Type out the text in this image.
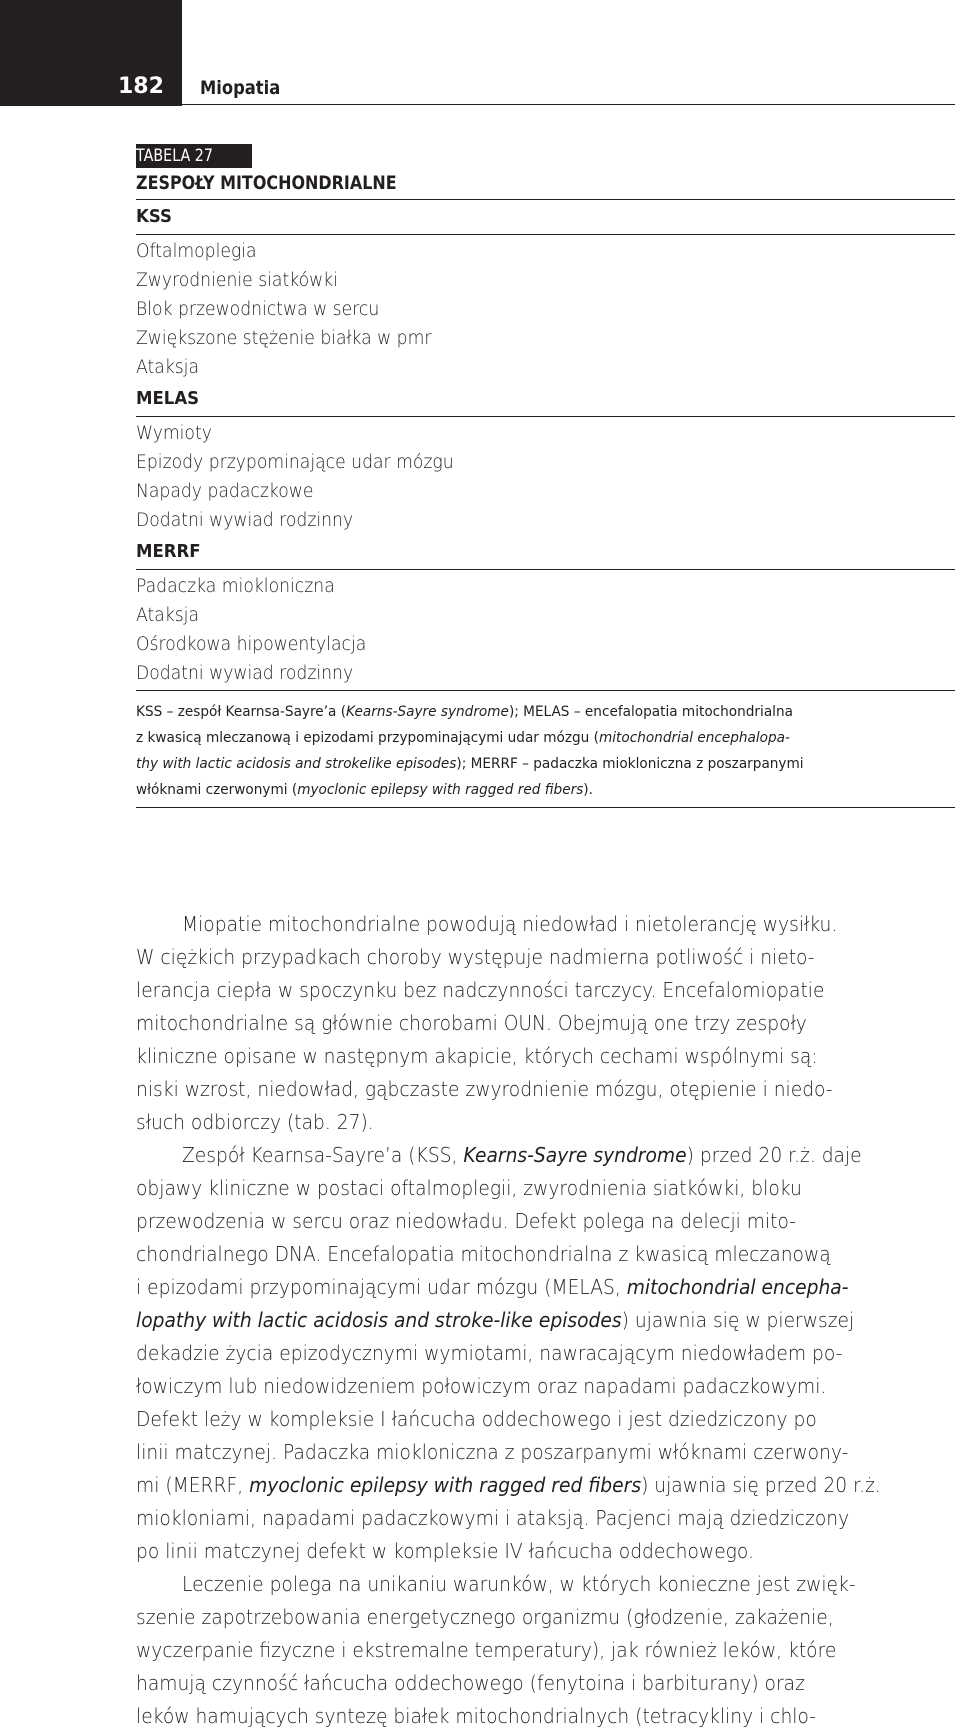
182 Miopatia
TABELA 27
ZESPOŁY MITOCHONDRIALNE
KSS
Oftalmoplegia
Zwyrodnienie siatkówki
Blok przewodnictwa w sercu
Zwiększone stężenie białka w pmr
Ataksja
MELAS
Wymioty
Epizody przypominające udar mózgu
Napady padaczkowe
Dodatni wywiad rodzinny
MERRF
Padaczka miokloniczna
Ataksja
Ośrodkowa hipowentylacja
Dodatni wywiad rodzinny
KSS – zespół Kearnsa-Sayre’a (Kearns-Sayre syndrome); MELAS – encefalopatia mitochondrialna
z kwasicą mleczanową i epizodami przypominającymi udar mózgu (mitochondrial encephalopa-
thy with lactic acidosis and strokelike episodes); MERRF – padaczka miokloniczna z poszarpanymi
włóknami czerwonymi (myoclonic epilepsy with ragged red fibers).
Miopatie mitochondrialne powodują niedowład i nietolerancję wysiłku.
W ciężkich przypadkach choroby występuje nadmierna potliwość i nieto-
lerancja ciepła w spoczynku bez nadczynności tarczycy. Encefalomiopatie
mitochondrialne są głównie chorobami OUN. Obejmują one trzy zespoły
kliniczne opisane w następnym akapicie, których cechami wspólnymi są:
niski wzrost, niedowład, gąbczaste zwyrodnienie mózgu, otępienie i niedo-
słuch odbiorczy (tab. 27).
Zespół Kearnsa-Sayre’a (KSS, Kearns-Sayre syndrome) przed 20 r.ż. daje
objawy kliniczne w postaci oftalmoplegii, zwyrodnienia siatkówki, bloku
przewodzenia w sercu oraz niedowładu. Defekt polega na delecji mito-
chondrialnego DNA. Encefalopatia mitochondrialna z kwasicą mleczanową
i epizodami przypominającymi udar mózgu (MELAS, mitochondrial encepha-
lopathy with lactic acidosis and stroke-like episodes) ujawnia się w pierwszej
dekadzie życia epizodycznymi wymiotami, nawracającym niedowładem po-
łowiczym lub niedowidzeniem połowiczym oraz napadami padaczkowymi.
Defekt leży w kompleksie I łańcucha oddechowego i jest dziedziczony po
linii matczynej. Padaczka miokloniczna z poszarpanymi włóknami czerwony-
mi (MERRF, myoclonic epilepsy with ragged red fibers) ujawnia się przed 20 r.ż.
miokloniami, napadami padaczkowymi i ataksją. Pacjenci mają dziedziczony
po linii matczynej defekt w kompleksie IV łańcucha oddechowego.
Leczenie polega na unikaniu warunków, w których konieczne jest zwięk-
szenie zapotrzebowania energetycznego organizmu (głodzenie, zakażenie,
wyczerpanie fizyczne i ekstremalne temperatury), jak również leków, które
hamują czynność łańcucha oddechowego (fenytoina i barbiturany) oraz
leków hamujących syntezę białek mitochondrialnych (tetracykliny i chlo-
